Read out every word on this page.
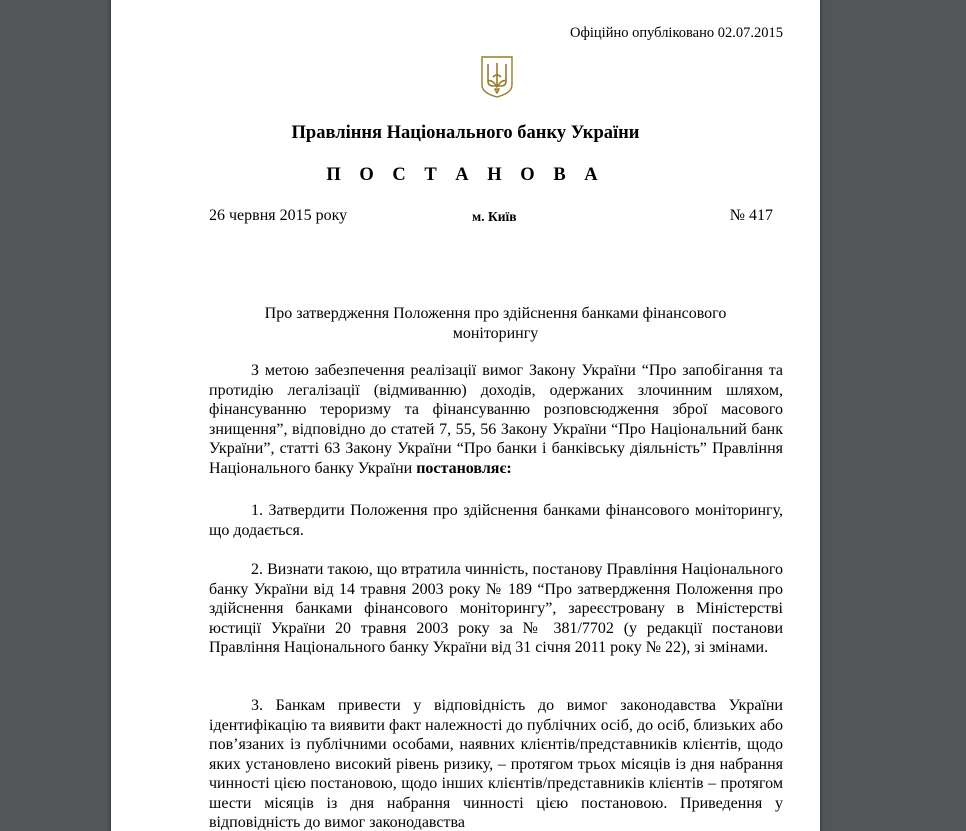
Офіційно опубліковано 02.07.2015
Правління Національного банку України
П О С Т А Н О В А
26 червня 2015 року	м. Київ	№ 417
Про затвердження Положення про здійснення банками фінансового моніторингу

З метою забезпечення реалізації вимог Закону України “Про запобігання та протидію легалізації (відмиванню) доходів, одержаних злочинним шляхом, фінансуванню тероризму та фінансуванню розповсюдження зброї масового знищення”, відповідно до статей 7, 55, 56 Закону України “Про Національний банк України”, статті 63 Закону України “Про банки і банківську діяльність” Правління Національного банку України постановляє:

1. Затвердити Положення про здійснення банками фінансового моніторингу, що додається.

2. Визнати такою, що втратила чинність, постанову Правління Національного банку України від 14 травня 2003 року № 189 “Про затвердження Положення про здійснення банками фінансового моніторингу”, зареєстровану в Міністерстві юстиції України 20 травня 2003 року за № 381/7702 (у редакції постанови Правління Національного банку України від 31 січня 2011 року № 22), зі змінами.

3. Банкам привести у відповідність до вимог законодавства України ідентифікацію та виявити факт належності до публічних осіб, до осіб, близьких або пов’язаних із публічними особами, наявних клієнтів/представників клієнтів, щодо яких установлено високий рівень ризику, – протягом трьох місяців із дня набрання чинності цією постановою, щодо інших клієнтів/представників клієнтів – протягом шести місяців із дня набрання чинності цією постановою. Приведення у відповідність до вимог законодавства
